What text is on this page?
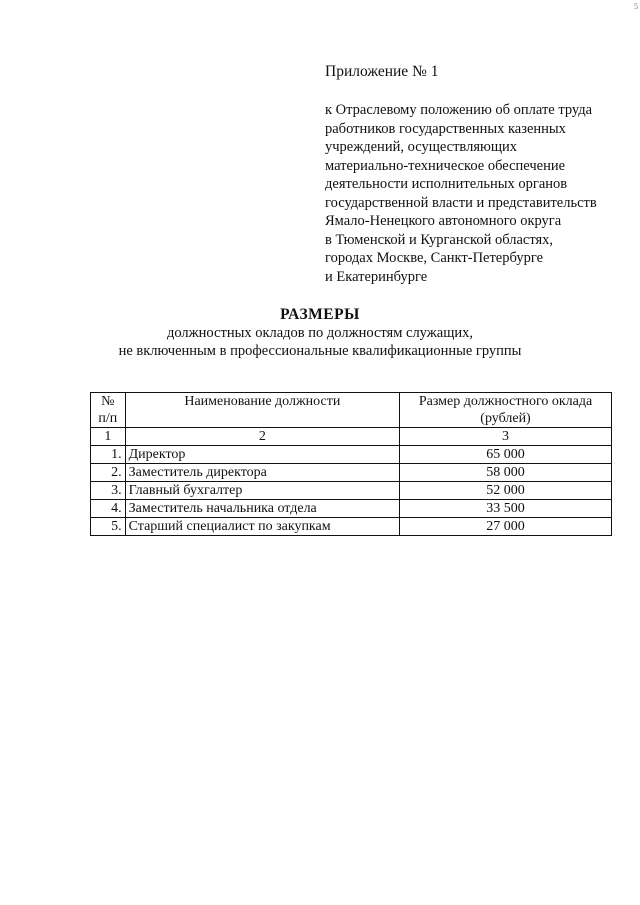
5
Приложение № 1
к Отраслевому положению об оплате труда
работников государственных казенных
учреждений, осуществляющих
материально-техническое обеспечение
деятельности исполнительных органов
государственной власти и представительств
Ямало-Ненецкого автономного округа
в Тюменской и Курганской областях,
городах Москве, Санкт-Петербурге
и Екатеринбурге
РАЗМЕРЫ
должностных окладов по должностям служащих,
не включенным в профессиональные квалификационные группы
№ п/п	Наименование должности	Размер должностного оклада (рублей)
1	2	3
1.	Директор	65 000
2.	Заместитель директора	58 000
3.	Главный бухгалтер	52 000
4.	Заместитель начальника отдела	33 500
5.	Старший специалист по закупкам	27 000
